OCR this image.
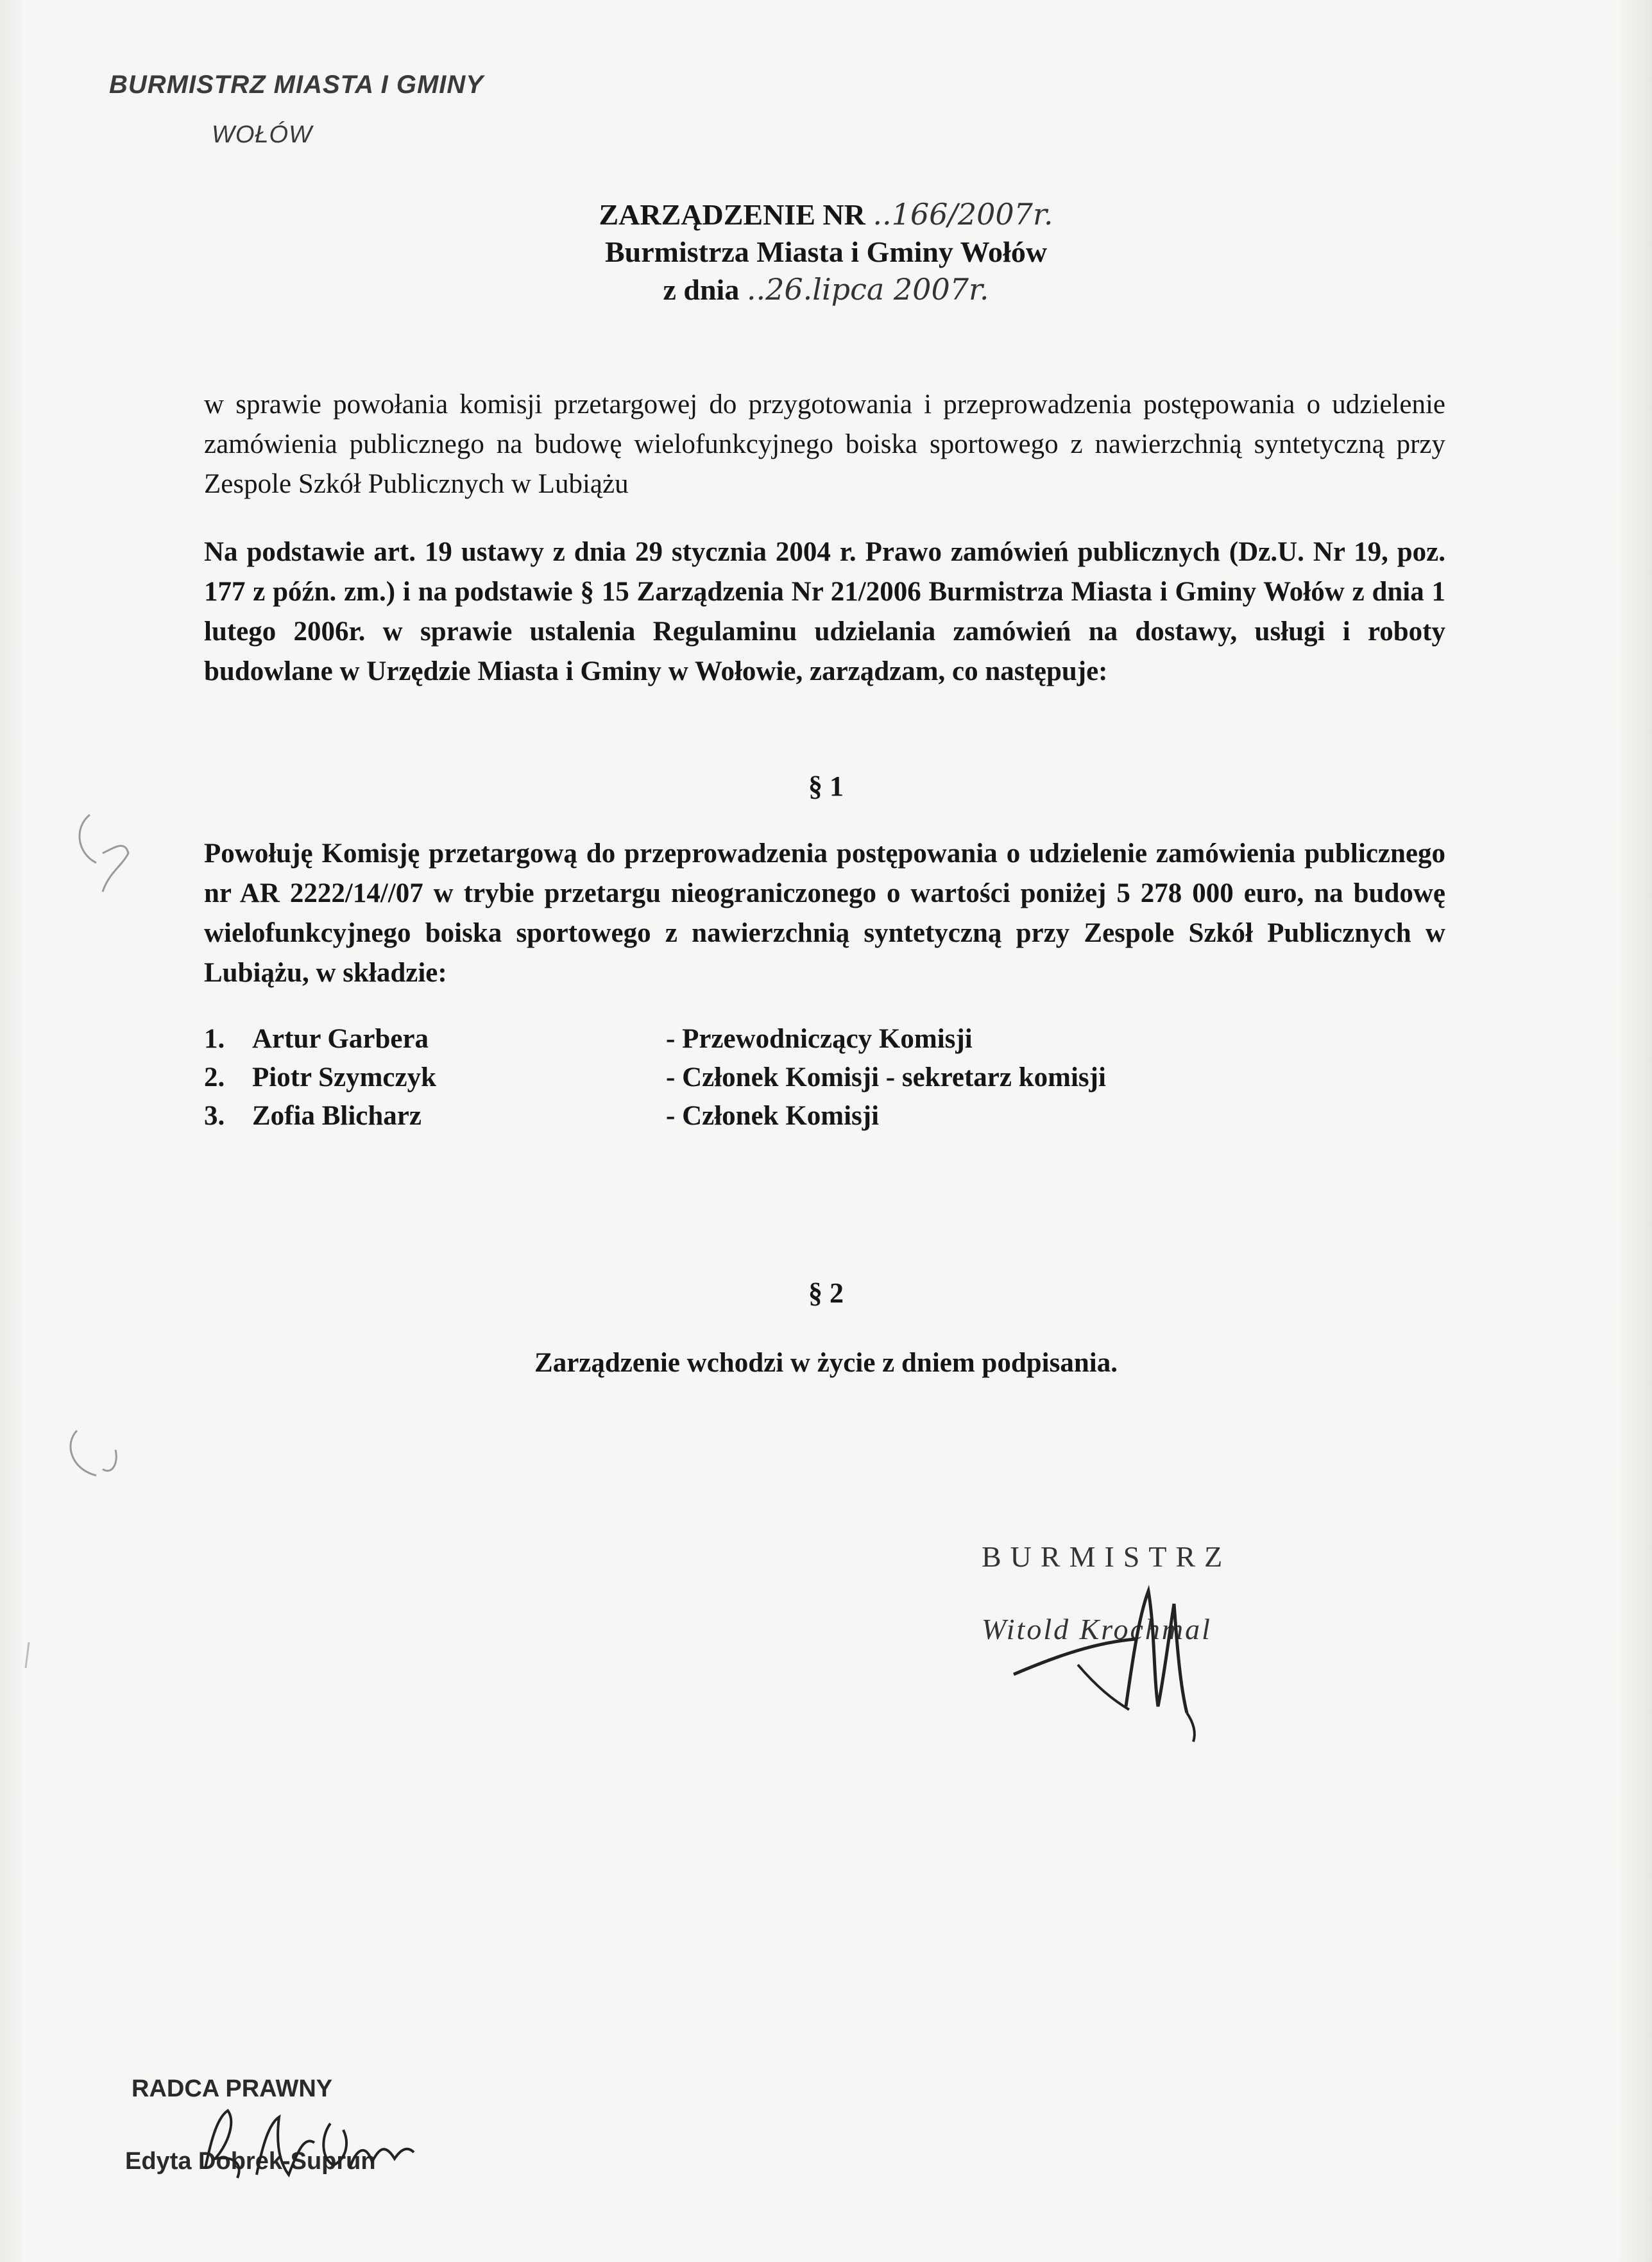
BURMISTRZ MIASTA I GMINY
WOŁÓW
ZARZĄDZENIE NR ..166/2007r.
Burmistrza Miasta i Gminy Wołów
z dnia ..26.lipca 2007r.
w sprawie powołania komisji przetargowej do przygotowania i przeprowadzenia postępowania o udzielenie zamówienia publicznego na budowę wielofunkcyjnego boiska sportowego z nawierzchnią syntetyczną przy Zespole Szkół Publicznych w Lubiążu
Na podstawie art. 19 ustawy z dnia 29 stycznia 2004 r. Prawo zamówień publicznych (Dz.U. Nr 19, poz. 177 z późn. zm.) i na podstawie § 15 Zarządzenia Nr 21/2006 Burmistrza Miasta i Gminy Wołów z dnia 1 lutego 2006r. w sprawie ustalenia Regulaminu udzielania zamówień na dostawy, usługi i roboty budowlane w Urzędzie Miasta i Gminy w Wołowie, zarządzam, co następuje:
§ 1
Powołuję Komisję przetargową do przeprowadzenia postępowania o udzielenie zamówienia publicznego nr AR 2222/14//07 w trybie przetargu nieograniczonego o wartości poniżej 5 278 000 euro, na budowę wielofunkcyjnego boiska sportowego z nawierzchnią syntetyczną przy Zespole Szkół Publicznych w Lubiążu, w składzie:
1. Artur Garbera	- Przewodniczący Komisji
2. Piotr Szymczyk	- Członek Komisji - sekretarz komisji
3. Zofia Blicharz	- Członek Komisji
§ 2
Zarządzenie wchodzi w życie z dniem podpisania.
BURMISTRZ
Witold Krochmal
RADCA PRAWNY
Edyta Dobrek-Suprun
